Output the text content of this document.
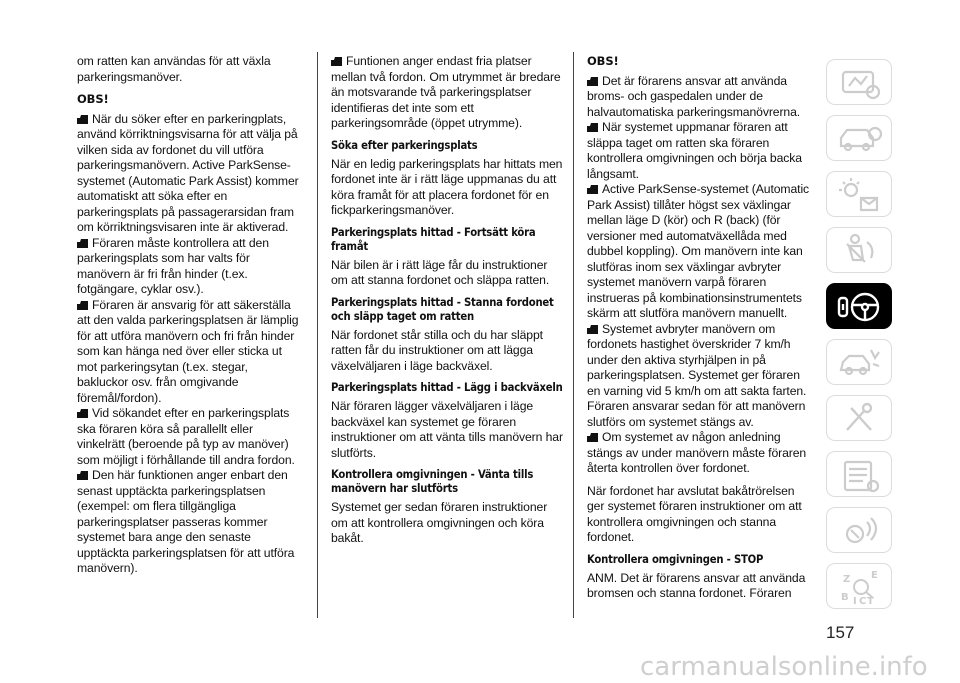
om ratten kan användas för att växla parkeringsmanöver.

OBS!

När du söker efter en parkeringplats, använd körriktningsvisarna för att välja på vilken sida av fordonet du vill utföra parkeringsmanövern. Active ParkSense-systemet (Automatic Park Assist) kommer automatiskt att söka efter en parkeringsplats på passagerarsidan fram om körriktningsvisaren inte är aktiverad.

Föraren måste kontrollera att den parkeringsplats som har valts för manövern är fri från hinder (t.ex. fotgängare, cyklar osv.).

Föraren är ansvarig för att säkerställa att den valda parkeringsplatsen är lämplig för att utföra manövern och fri från hinder som kan hänga ned över eller sticka ut mot parkeringsytan (t.ex. stegar, bakluckor osv. från omgivande föremål/fordon).

Vid sökandet efter en parkeringsplats ska föraren köra så parallellt eller vinkelrätt (beroende på typ av manöver) som möjligt i förhållande till andra fordon.

Den här funktionen anger enbart den senast upptäckta parkeringsplatsen (exempel: om flera tillgängliga parkeringsplatser passeras kommer systemet bara ange den senaste upptäckta parkeringsplatsen för att utföra manövern).

Funtionen anger endast fria platser mellan två fordon. Om utrymmet är bredare än motsvarande två parkeringsplatser identifieras det inte som ett parkeringsområde (öppet utrymme).

Söka efter parkeringsplats

När en ledig parkeringsplats har hittats men fordonet inte är i rätt läge uppmanas du att köra framåt för att placera fordonet för en fickparkeringsmanöver.

Parkeringsplats hittad - Fortsätt köra framåt

När bilen är i rätt läge får du instruktioner om att stanna fordonet och släppa ratten.

Parkeringsplats hittad - Stanna fordonet och släpp taget om ratten

När fordonet står stilla och du har släppt ratten får du instruktioner om att lägga växelväljaren i läge backväxel.

Parkeringsplats hittad - Lägg i backväxeln

När föraren lägger växelväljaren i läge backväxel kan systemet ge föraren instruktioner om att vänta tills manövern har slutförts.

Kontrollera omgivningen - Vänta tills manövern har slutförts

Systemet ger sedan föraren instruktioner om att kontrollera omgivningen och köra bakåt.

OBS!

Det är förarens ansvar att använda broms- och gaspedalen under de halvautomatiska parkeringsmanövrerna.

När systemet uppmanar föraren att släppa taget om ratten ska föraren kontrollera omgivningen och börja backa långsamt.

Active ParkSense-systemet (Automatic Park Assist) tillåter högst sex växlingar mellan läge D (kör) och R (back) (för versioner med automatväxellåda med dubbel koppling). Om manövern inte kan slutföras inom sex växlingar avbryter systemet manövern varpå föraren instrueras på kombinationsinstrumentets skärm att slutföra manövern manuellt.

Systemet avbryter manövern om fordonets hastighet överskrider 7 km/h under den aktiva styrhjälpen in på parkeringsplatsen. Systemet ger föraren en varning vid 5 km/h om att sakta farten. Föraren ansvarar sedan för att manövern slutförs om systemet stängs av.

Om systemet av någon anledning stängs av under manövern måste föraren återta kontrollen över fordonet.

När fordonet har avslutat bakåtrörelsen ger systemet föraren instruktioner om att kontrollera omgivningen och stanna fordonet.

Kontrollera omgivningen - STOP

ANM. Det är förarens ansvar att använda bromsen och stanna fordonet. Föraren

Z E
B I C T
157
carmanualsonline.info
